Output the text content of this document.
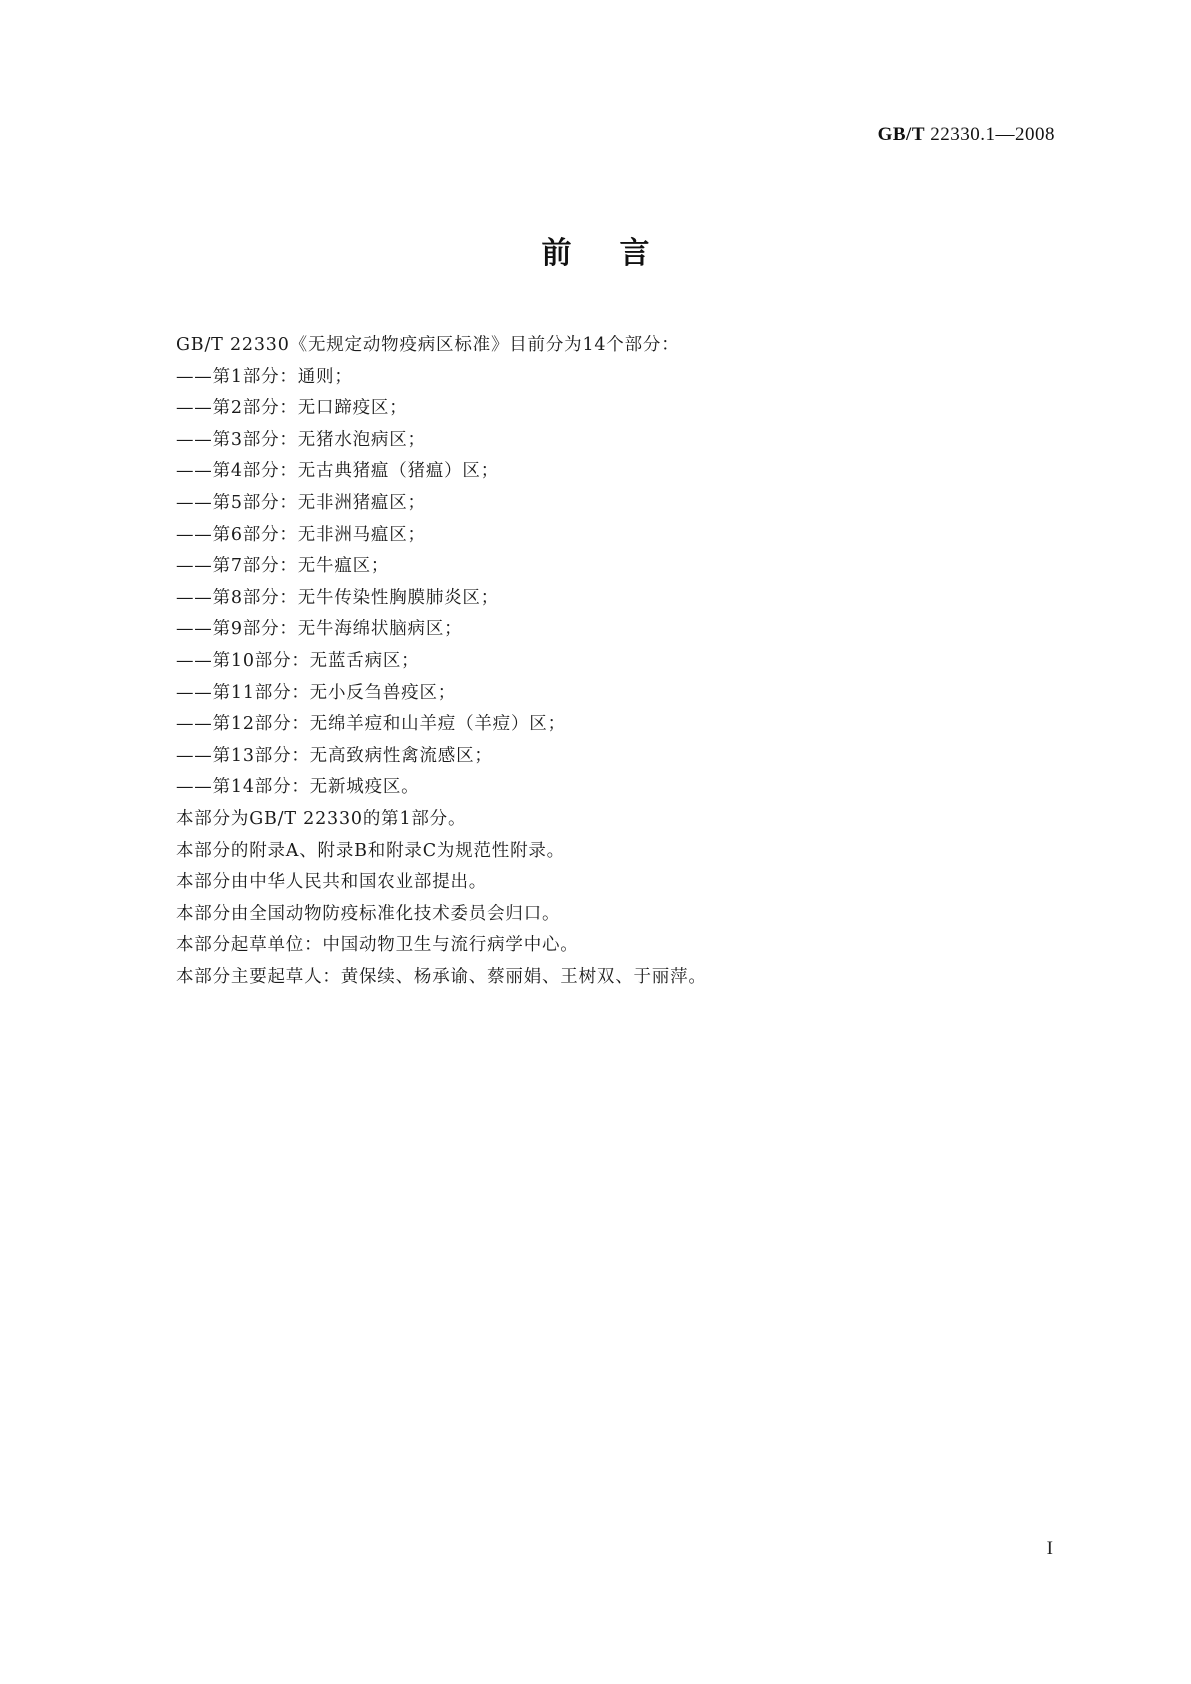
GB/T 22330.1—2008
前言
GB/T 22330《无规定动物疫病区标准》目前分为14个部分：
——第1部分：通则；
——第2部分：无口蹄疫区；
——第3部分：无猪水泡病区；
——第4部分：无古典猪瘟（猪瘟）区；
——第5部分：无非洲猪瘟区；
——第6部分：无非洲马瘟区；
——第7部分：无牛瘟区；
——第8部分：无牛传染性胸膜肺炎区；
——第9部分：无牛海绵状脑病区；
——第10部分：无蓝舌病区；
——第11部分：无小反刍兽疫区；
——第12部分：无绵羊痘和山羊痘（羊痘）区；
——第13部分：无高致病性禽流感区；
——第14部分：无新城疫区。
本部分为GB/T 22330的第1部分。
本部分的附录A、附录B和附录C为规范性附录。
本部分由中华人民共和国农业部提出。
本部分由全国动物防疫标准化技术委员会归口。
本部分起草单位：中国动物卫生与流行病学中心。
本部分主要起草人：黄保续、杨承谕、蔡丽娟、王树双、于丽萍。
I
